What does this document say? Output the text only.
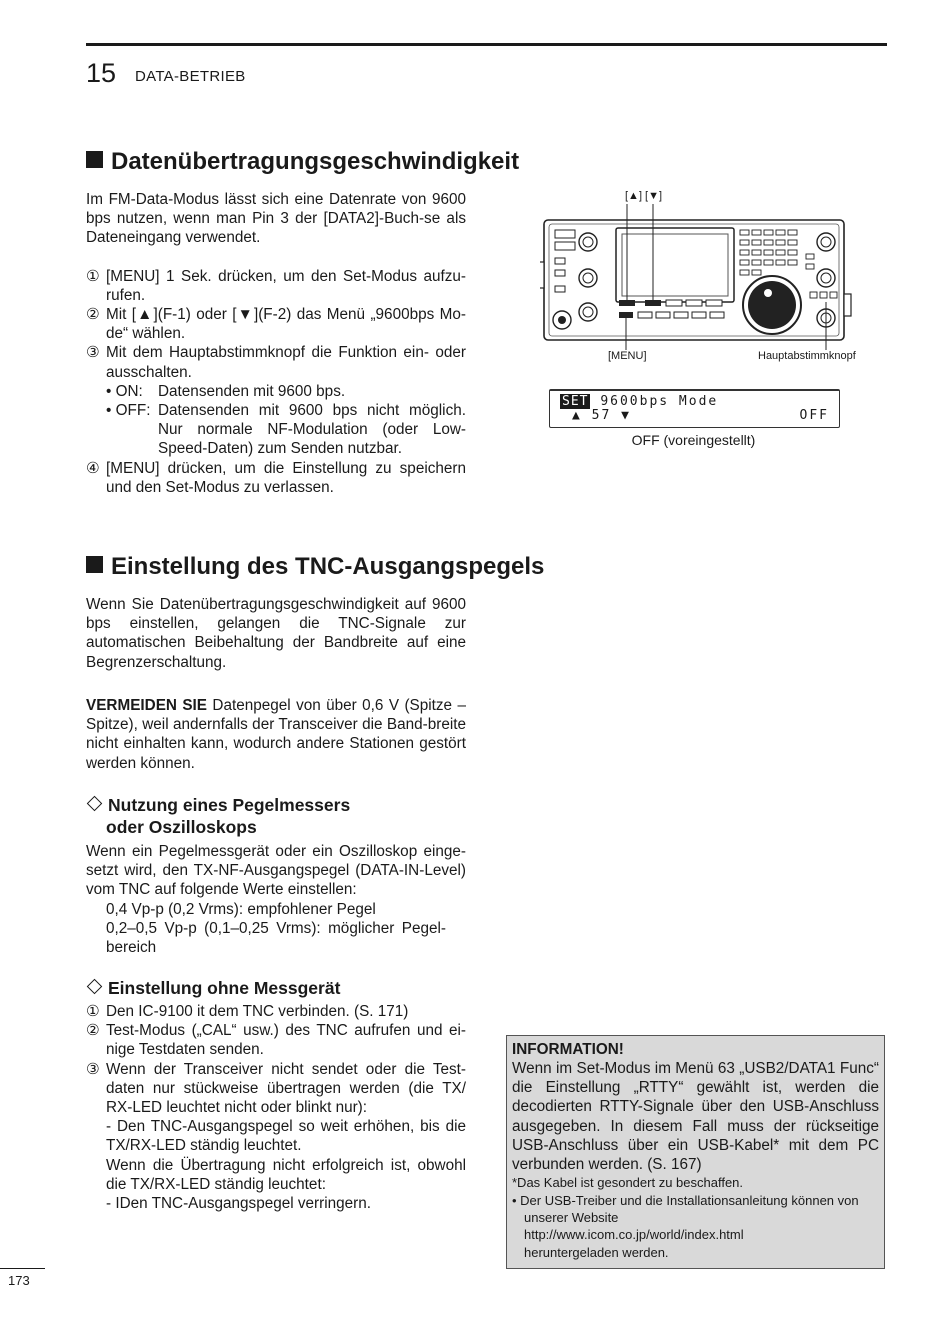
15 DATA-BETRIEB
Datenübertragungsgeschwindigkeit
Im FM-Data-Modus lässt sich eine Datenrate von 9600 bps nutzen, wenn man Pin 3 der [DATA2]-Buch-se als Dateneingang verwendet.
① [MENU] 1 Sek. drücken, um den Set-Modus aufzu-rufen.
② Mit [▲](F-1) oder [▼](F-2) das Menü „9600bps Mo-de“ wählen.
③ Mit dem Hauptabstimmknopf die Funktion ein- oder ausschalten.
• ON: Datensenden mit 9600 bps.
• OFF: Datensenden mit 9600 bps nicht möglich. Nur normale NF-Modulation (oder Low-Speed-Daten) zum Senden nutzbar.
④ [MENU] drücken, um die Einstellung zu speichern und den Set-Modus zu verlassen.
[▲] [▼]
[MENU]	Hauptabstimmknopf
SET 9600bps Mode
▲ 57 ▼	OFF
OFF (voreingestellt)
Einstellung des TNC-Ausgangspegels
Wenn Sie Datenübertragungsgeschwindigkeit auf 9600 bps einstellen, gelangen die TNC-Signale zur automatischen Beibehaltung der Bandbreite auf eine Begrenzerschaltung.
VERMEIDEN SIE Datenpegel von über 0,6 V (Spitze – Spitze), weil andernfalls der Transceiver die Band-breite nicht einhalten kann, wodurch andere Stationen gestört werden können.
Nutzung eines Pegelmessers
oder Oszilloskops
Wenn ein Pegelmessgerät oder ein Oszilloskop einge-setzt wird, den TX-NF-Ausgangspegel (DATA-IN-Level) vom TNC auf folgende Werte einstellen:
0,4 Vp-p (0,2 Vrms): empfohlener Pegel
0,2–0,5 Vp-p (0,1–0,25 Vrms): möglicher Pegel-bereich
Einstellung ohne Messgerät
① Den IC-9100 it dem TNC verbinden. (S. 171)
② Test-Modus („CAL“ usw.) des TNC aufrufen und ei-nige Testdaten senden.
③ Wenn der Transceiver nicht sendet oder die Test-daten nur stückweise übertragen werden (die TX/ RX-LED leuchtet nicht oder blinkt nur):
- Den TNC-Ausgangspegel so weit erhöhen, bis die TX/RX-LED ständig leuchtet.
Wenn die Übertragung nicht erfolgreich ist, obwohl die TX/RX-LED ständig leuchtet:
- IDen TNC-Ausgangspegel verringern.
INFORMATION!
Wenn im Set-Modus im Menü 63 „USB2/DATA1 Func“ die Einstellung „RTTY“ gewählt ist, werden die decodierten RTTY-Signale über den USB-Anschluss ausgegeben. In diesem Fall muss der rückseitige USB-Anschluss über ein USB-Kabel* mit dem PC verbunden werden. (S. 167)
*Das Kabel ist gesondert zu beschaffen.
• Der USB-Treiber und die Installationsanleitung können von unserer Website
http://www.icom.co.jp/world/index.html
heruntergeladen werden.
173
